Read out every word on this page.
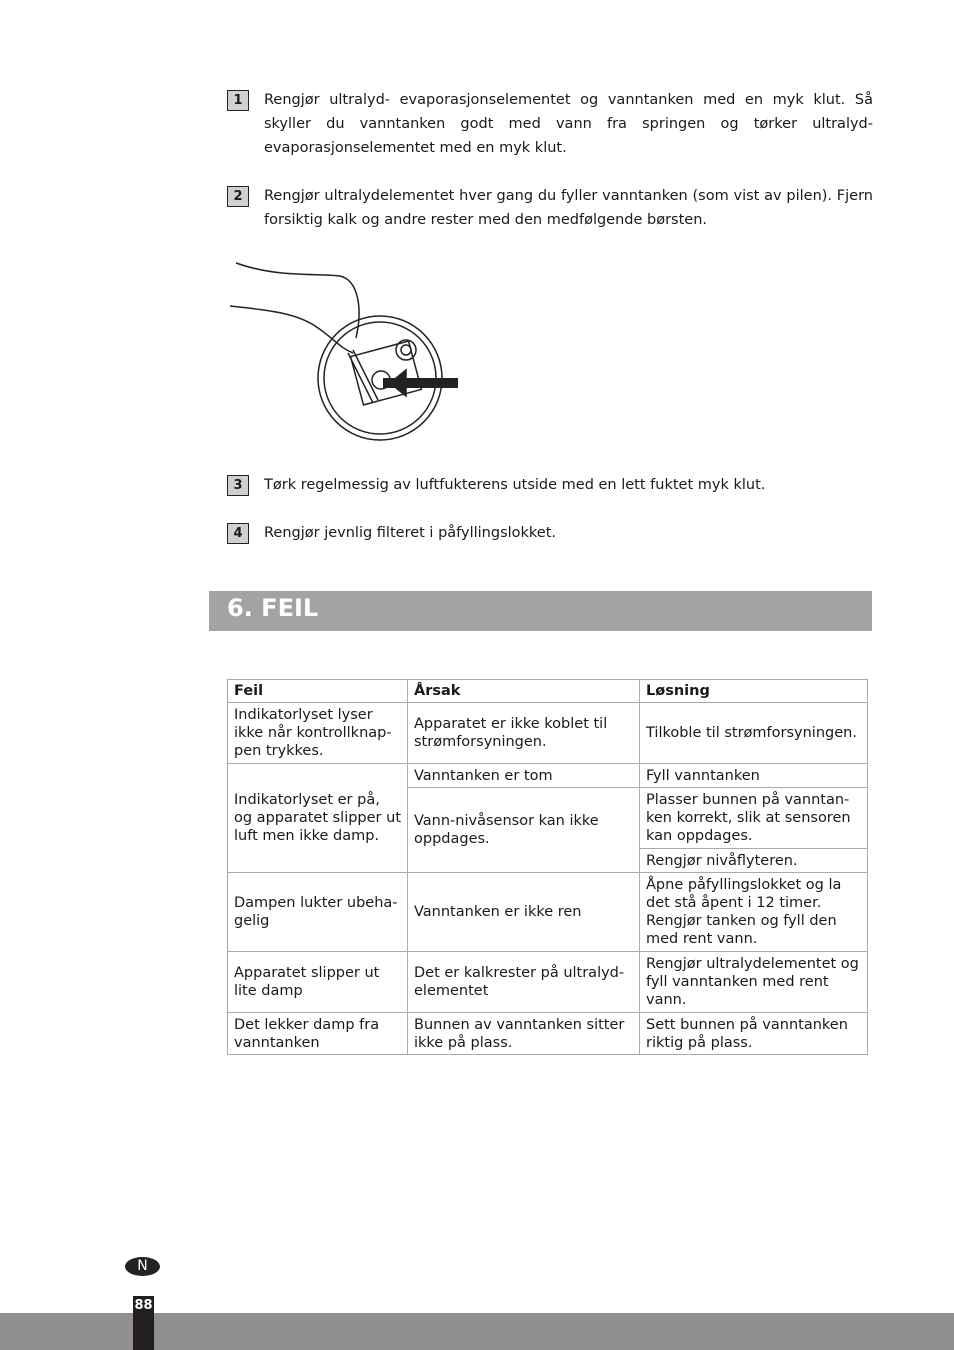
1	Rengjør ultralyd- evaporasjonselementet og vanntanken med en myk klut. Så skyller du vanntanken godt med vann fra springen og tørker ultralyd- evaporasjonselementet med en myk klut.
2	Rengjør ultralydelementet hver gang du fyller vanntanken (som vist av pilen). Fjern forsiktig kalk og andre rester med den medfølgende børsten.
3	Tørk regelmessig av luftfukterens utside med en lett fuktet myk klut.
4	Rengjør jevnlig filteret i påfyllingslokket.
6. FEIL
Feil	Årsak	Løsning
Indikatorlyset lyser ikke når kontrollknap-pen trykkes.	Apparatet er ikke koblet til strømforsyningen.	Tilkoble til strømforsyningen.
Indikatorlyset er på, og apparatet slipper ut luft men ikke damp.	Vanntanken er tom	Fyll vanntanken
	Vann-nivåsensor kan ikke oppdages.	Plasser bunnen på vanntan-ken korrekt, slik at sensoren kan oppdages.
		Rengjør nivåflyteren.
Dampen lukter ubeha-gelig	Vanntanken er ikke ren	Åpne påfyllingslokket og la det stå åpent i 12 timer. Rengjør tanken og fyll den med rent vann.
Apparatet slipper ut lite damp	Det er kalkrester på ultralyd-elementet	Rengjør ultralydelementet og fyll vanntanken med rent vann.
Det lekker damp fra vanntanken	Bunnen av vanntanken sitter ikke på plass.	Sett bunnen på vanntanken riktig på plass.
N
88
